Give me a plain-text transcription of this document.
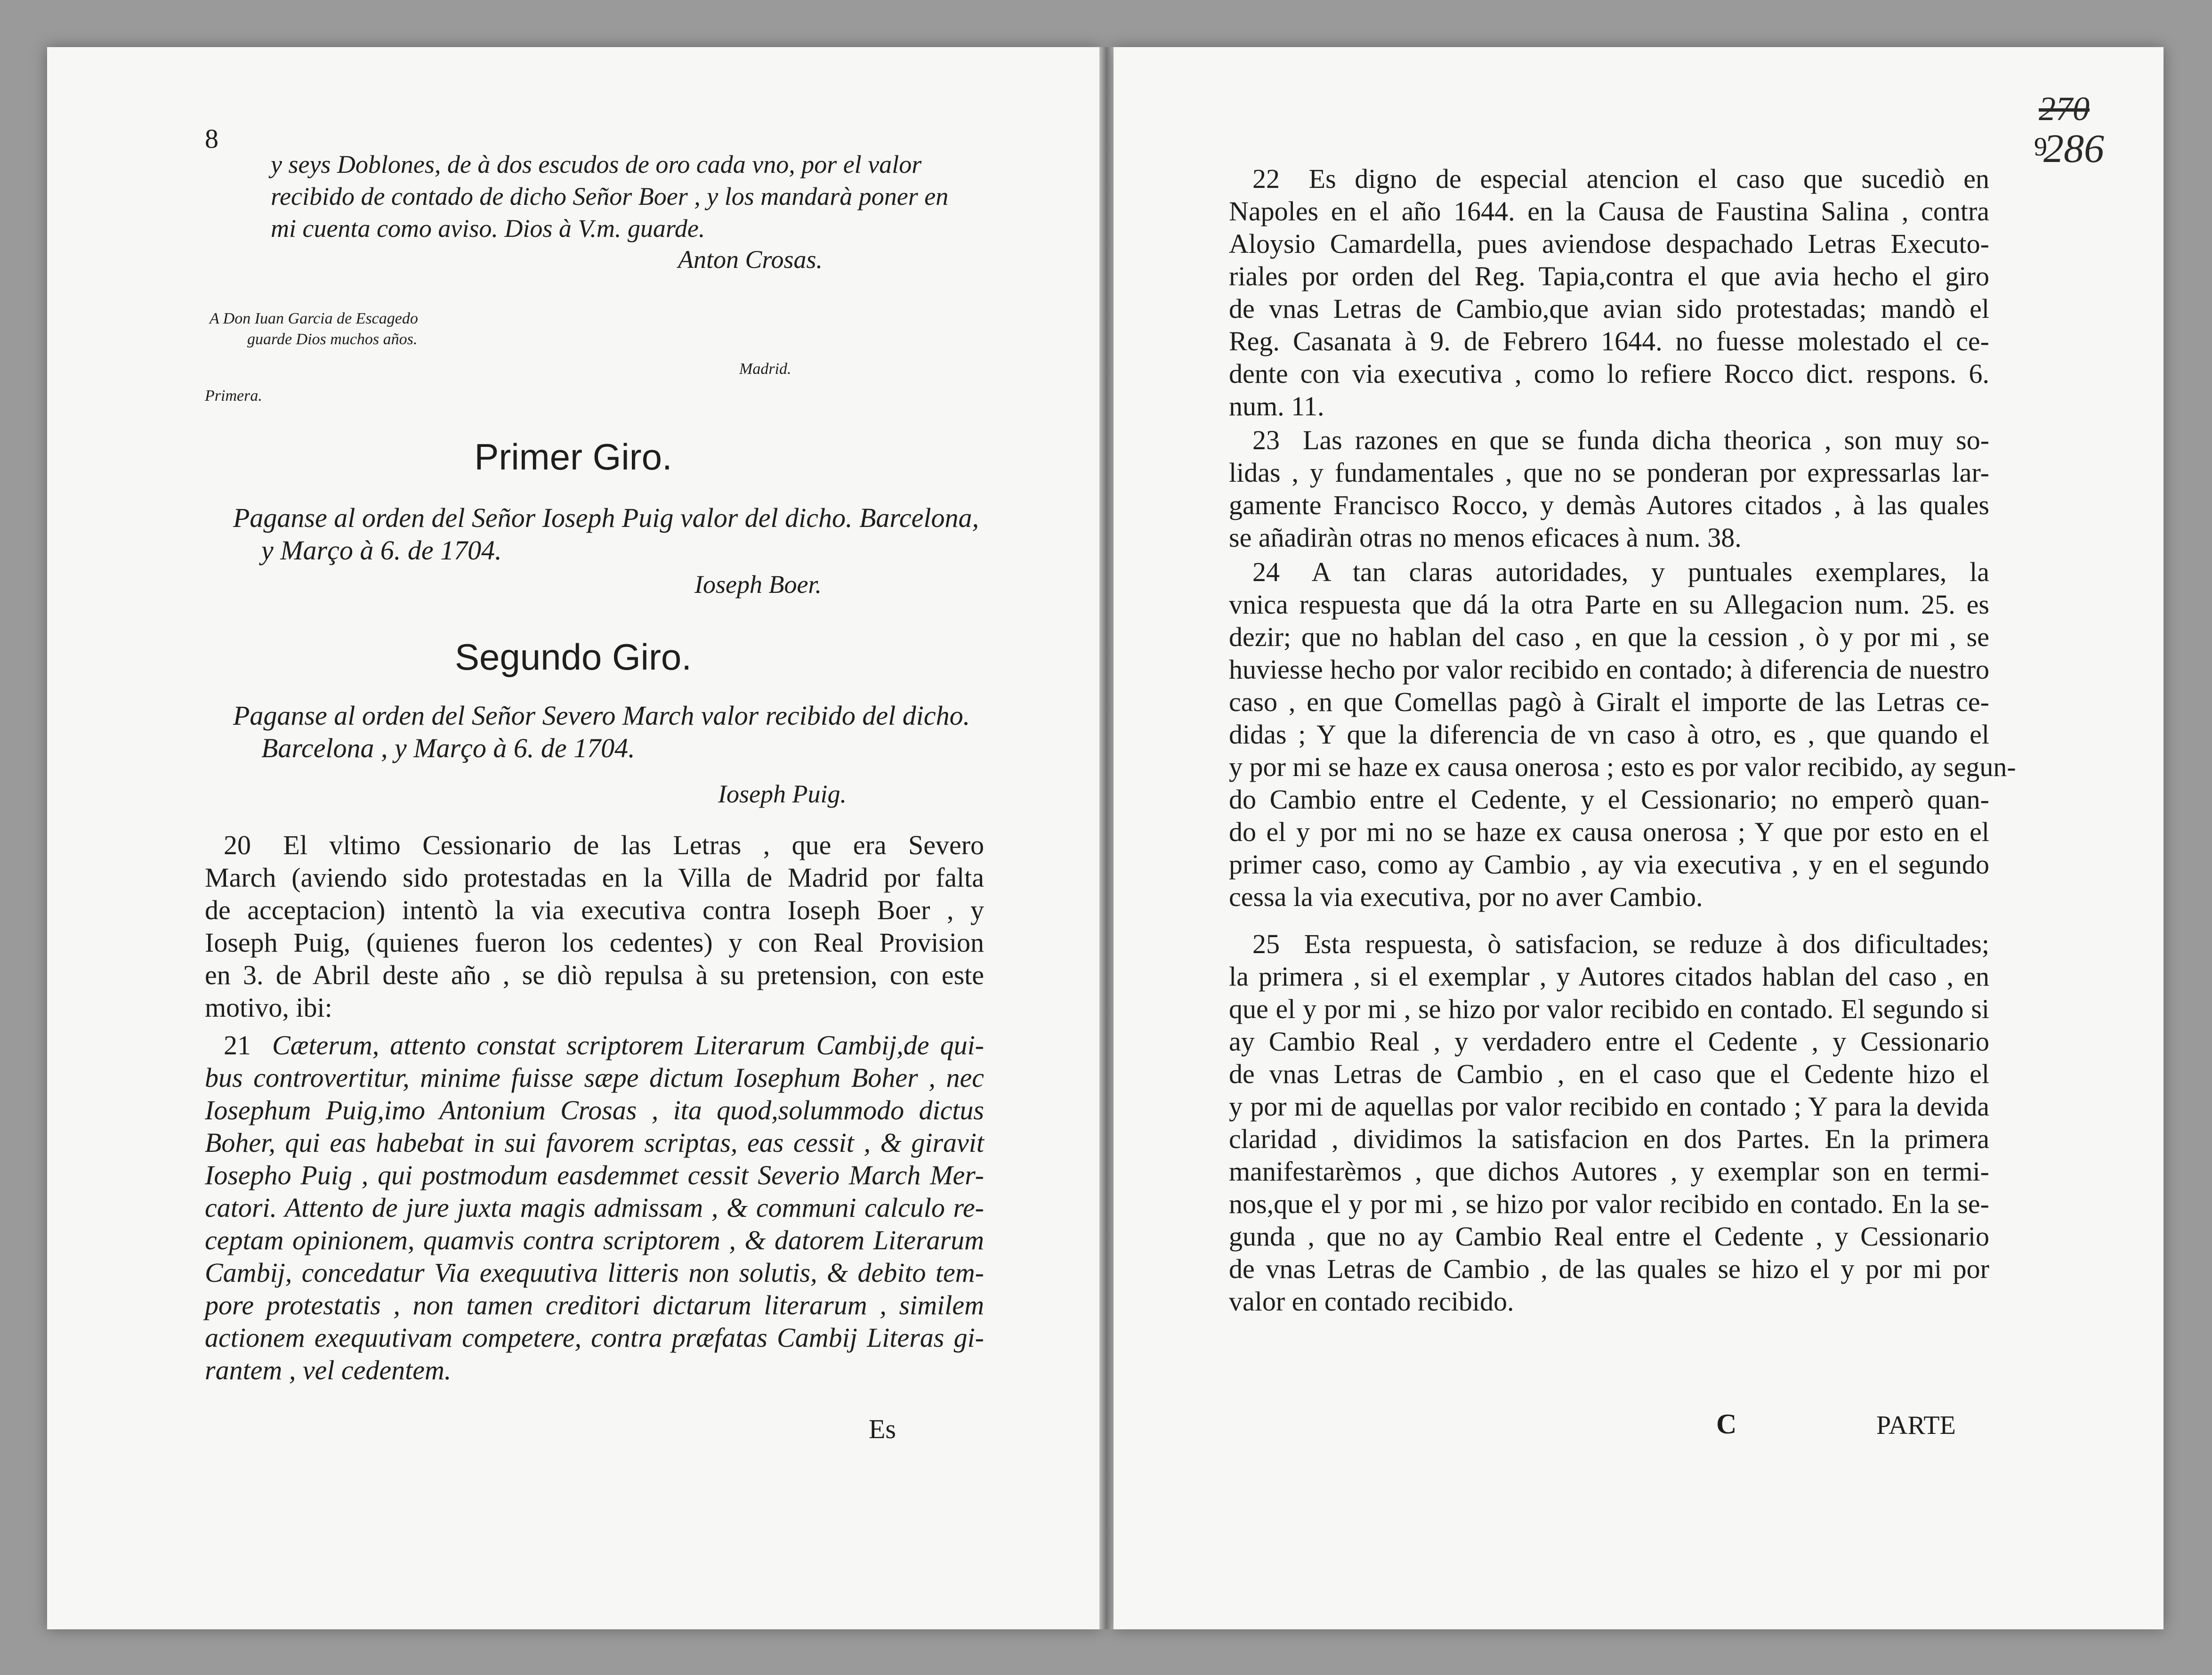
8
y seys Doblones, de à dos escudos de oro cada vno, por el valor
recibido de contado de dicho Señor Boer , y los mandarà poner en
mi cuenta como aviso. Dios à V.m. guarde.
Anton Crosas.
A Don Iuan Garcia de Escagedo
guarde Dios muchos años.
Madrid.
Primera.
Primer Giro.
Paganse al orden del Señor Ioseph Puig valor del dicho. Barcelona,
y Março à 6. de 1704.
Ioseph Boer.
Segundo Giro.
Paganse al orden del Señor Severo March valor recibido del dicho.
Barcelona , y Março à 6. de 1704.
Ioseph Puig.
20 El vltimo Cessionario de las Letras , que era Severo
March (aviendo sido protestadas en la Villa de Madrid por falta
de acceptacion) intentò la via executiva contra Ioseph Boer , y
Ioseph Puig, (quienes fueron los cedentes) y con Real Provision
en 3. de Abril deste año , se diò repulsa à su pretension, con este
motivo, ibi:
21 Cæterum, attento constat scriptorem Literarum Cambij,de qui-
bus controvertitur, minime fuisse sæpe dictum Iosephum Boher , nec
Iosephum Puig,imo Antonium Crosas , ita quod,solummodo dictus
Boher, qui eas habebat in sui favorem scriptas, eas cessit , & giravit
Iosepho Puig , qui postmodum easdemmet cessit Severio March Mer-
catori. Attento de jure juxta magis admissam , & communi calculo re-
ceptam opinionem, quamvis contra scriptorem , & datorem Literarum
Cambij, concedatur Via exequutiva litteris non solutis, & debito tem-
pore protestatis , non tamen creditori dictarum literarum , similem
actionem exequutivam competere, contra præfatas Cambij Literas gi-
rantem , vel cedentem.
Es
9
270
286
22 Es digno de especial atencion el caso que sucediò en
Napoles en el año 1644. en la Causa de Faustina Salina , contra
Aloysio Camardella, pues aviendose despachado Letras Executo-
riales por orden del Reg. Tapia,contra el que avia hecho el giro
de vnas Letras de Cambio,que avian sido protestadas; mandò el
Reg. Casanata à 9. de Febrero 1644. no fuesse molestado el ce-
dente con via executiva , como lo refiere Rocco dict. respons. 6.
num. 11.
23 Las razones en que se funda dicha theorica , son muy so-
lidas , y fundamentales , que no se ponderan por expressarlas lar-
gamente Francisco Rocco, y demàs Autores citados , à las quales
se añadiràn otras no menos eficaces à num. 38.
24 A tan claras autoridades, y puntuales exemplares, la
vnica respuesta que dá la otra Parte en su Allegacion num. 25. es
dezir; que no hablan del caso , en que la cession , ò y por mi , se
huviesse hecho por valor recibido en contado; à diferencia de nuestro
caso , en que Comellas pagò à Giralt el importe de las Letras ce-
didas ; Y que la diferencia de vn caso à otro, es , que quando el
y por mi se haze ex causa onerosa ; esto es por valor recibido, ay segun-
do Cambio entre el Cedente, y el Cessionario; no emperò quan-
do el y por mi no se haze ex causa onerosa ; Y que por esto en el
primer caso, como ay Cambio , ay via executiva , y en el segundo
cessa la via executiva, por no aver Cambio.
25 Esta respuesta, ò satisfacion, se reduze à dos dificultades;
la primera , si el exemplar , y Autores citados hablan del caso , en
que el y por mi , se hizo por valor recibido en contado. El segundo si
ay Cambio Real , y verdadero entre el Cedente , y Cessionario
de vnas Letras de Cambio , en el caso que el Cedente hizo el
y por mi de aquellas por valor recibido en contado ; Y para la devida
claridad , dividimos la satisfacion en dos Partes. En la primera
manifestarèmos , que dichos Autores , y exemplar son en termi-
nos,que el y por mi , se hizo por valor recibido en contado. En la se-
gunda , que no ay Cambio Real entre el Cedente , y Cessionario
de vnas Letras de Cambio , de las quales se hizo el y por mi por
valor en contado recibido.
C	PARTE
